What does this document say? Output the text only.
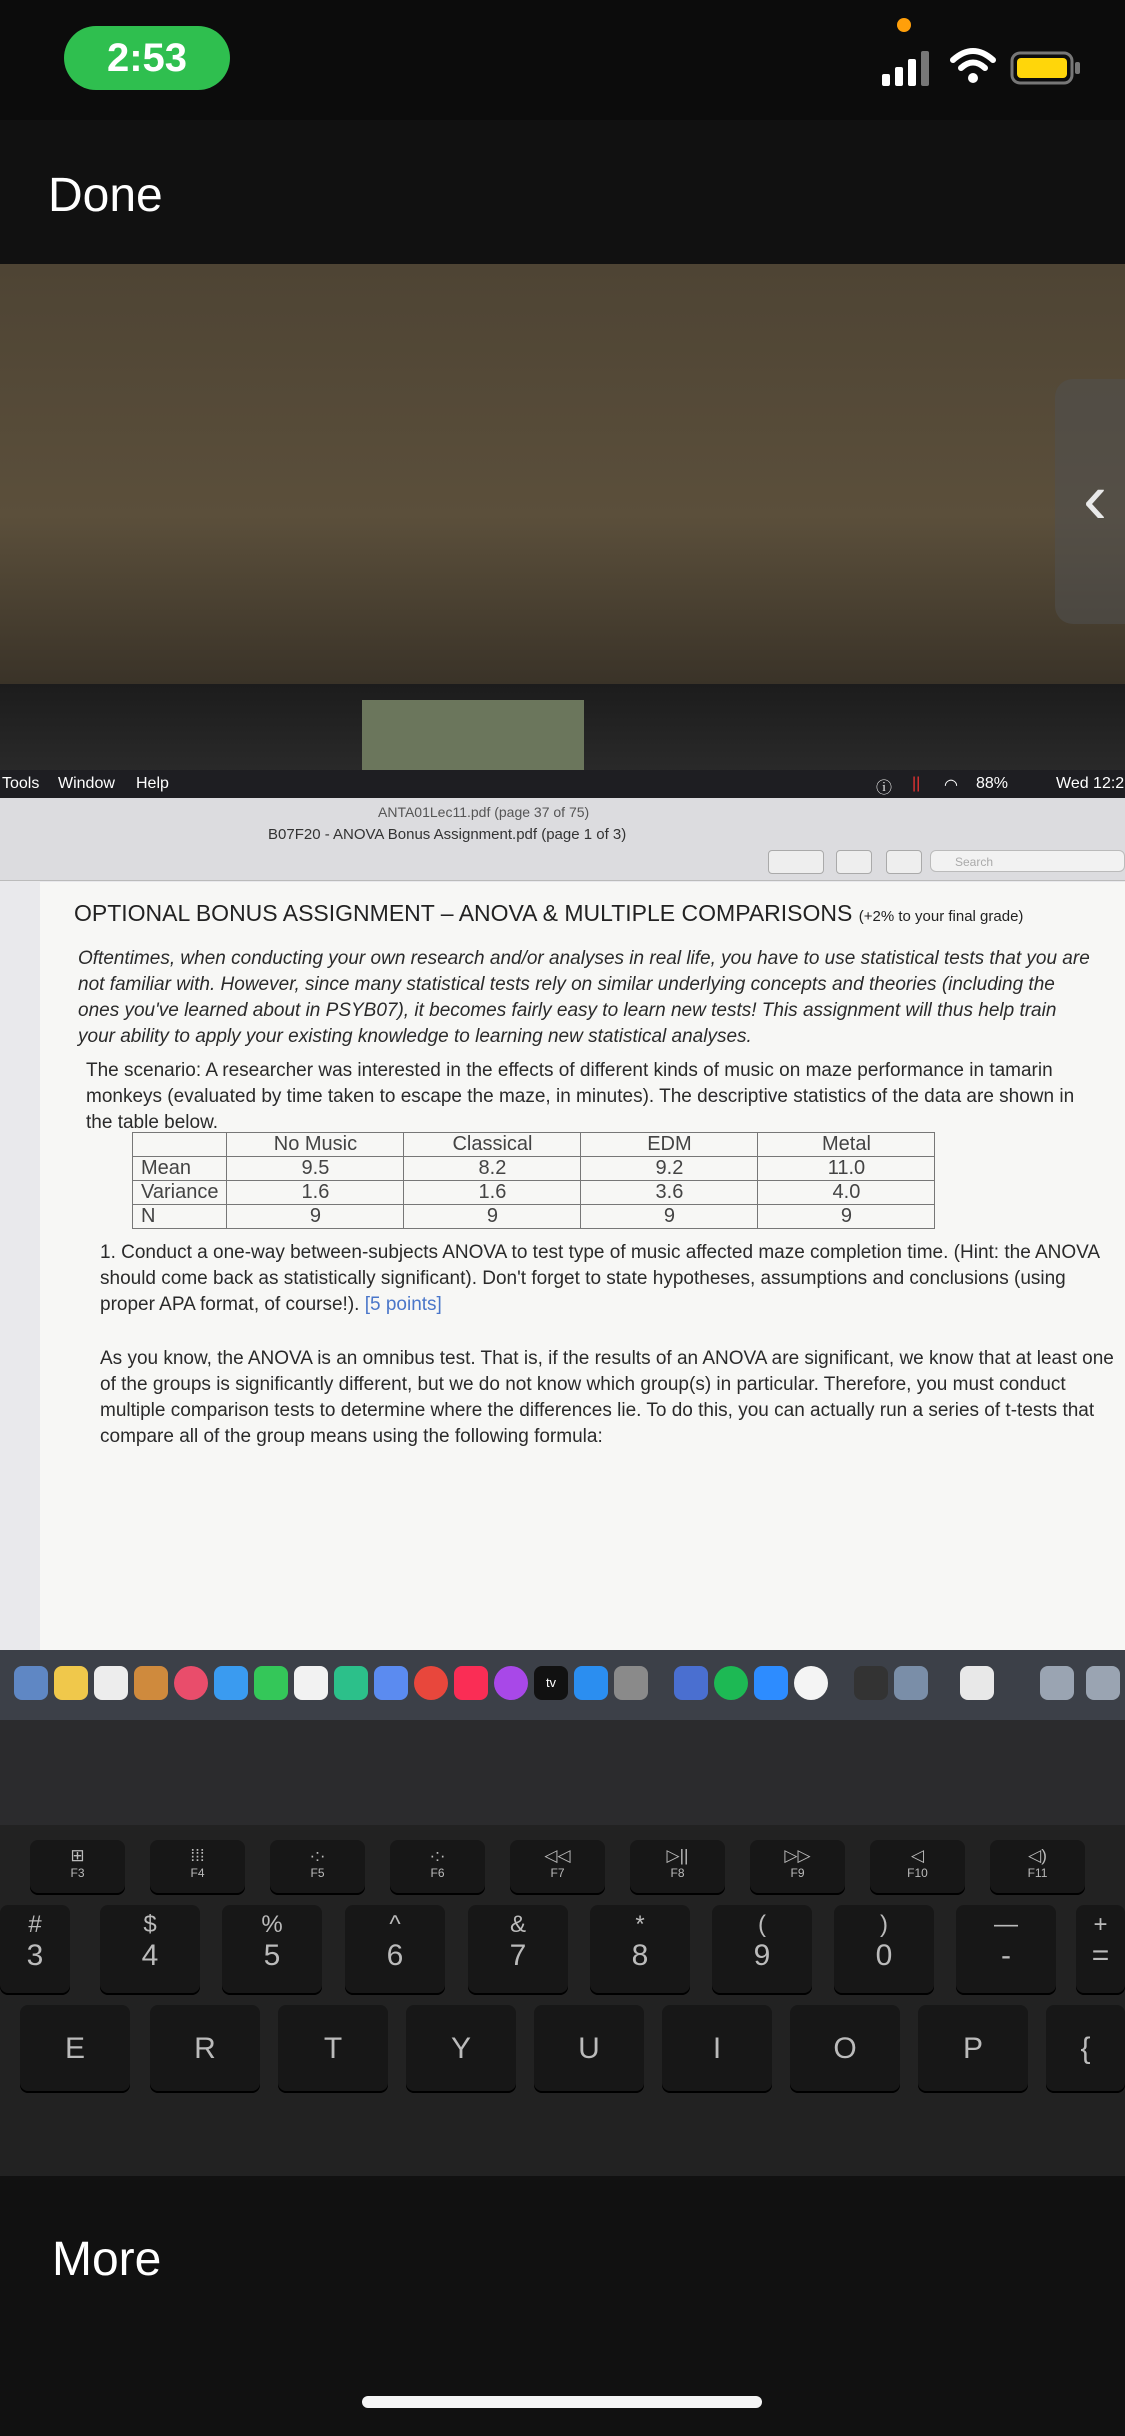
2:53
Done
Tools Window Help	ⓘ || ◠ 88%	Wed 12:2
ANTA01Lec11.pdf (page 37 of 75)
B07F20 - ANOVA Bonus Assignment.pdf (page 1 of 3)
Search
OPTIONAL BONUS ASSIGNMENT – ANOVA & MULTIPLE COMPARISONS (+2% to your final grade)
Oftentimes, when conducting your own research and/or analyses in real life, you have to use statistical tests that you are not familiar with. However, since many statistical tests rely on similar underlying concepts and theories (including the ones you've learned about in PSYB07), it becomes fairly easy to learn new tests! This assignment will thus help train your ability to apply your existing knowledge to learning new statistical analyses.
The scenario: A researcher was interested in the effects of different kinds of music on maze performance in tamarin monkeys (evaluated by time taken to escape the maze, in minutes). The descriptive statistics of the data are shown in the table below.
	No Music	Classical	EDM	Metal
Mean	9.5	8.2	9.2	11.0
Variance	1.6	1.6	3.6	4.0
N	9	9	9	9
1. Conduct a one-way between-subjects ANOVA to test type of music affected maze completion time. (Hint: the ANOVA should come back as statistically significant). Don't forget to state hypotheses, assumptions and conclusions (using proper APA format, of course!). [5 points]
As you know, the ANOVA is an omnibus test. That is, if the results of an ANOVA are significant, we know that at least one of the groups is significantly different, but we do not know which group(s) in particular. Therefore, you must conduct multiple comparison tests to determine where the differences lie. To do this, you can actually run a series of t-tests that compare all of the group means using the following formula:
‹
tv
⊞
F3
⁞⁞⁞
F4
·:·
F5
·:·
F6
◁◁
F7
▷||
F8
▷▷
F9
◁
F10
◁)
F11
#
3
$
4
%
5
^
6
&
7
*
8
(
9
)
0
—
-
+
=
E	R	T	Y	U	I	O	P	{
More
